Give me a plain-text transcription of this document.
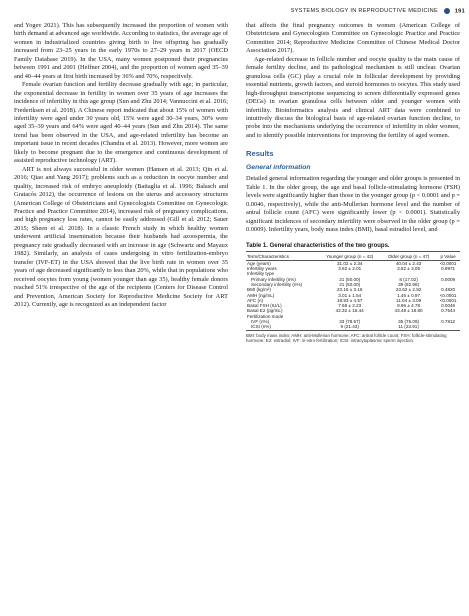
SYSTEMS BIOLOGY IN REPRODUCTIVE MEDICINE	191

and Yogev 2021). This has subsequently increased the proportion of women with birth demand at advanced age worldwide. According to statistics, the average age of women in industrialized countries giving birth to live offspring has gradually increased from 23–25 years in the early 1970s to 27–29 years in 2017 (OECD Family Database 2019). In the USA, many women postponed their pregnancies between 1991 and 2001 (Heffner 2004), and the proportion of women aged 35–39 and 40–44 years at first birth increased by 36% and 70%, respectively.

Female ovarian function and fertility decrease gradually with age; in particular, the exponential decrease in fertility in women over 35 years of age increases the incidence of infertility in this age group (Sun and Zhu 2014; Vannuccini et al. 2016; Frederiksen et al. 2018). A Chinese report indicated that about 15% of women with infertility were aged under 30 years old, 15% were aged 30–34 years, 30% were aged 35–39 years and 64% were aged 40–44 years (Sun and Zhu 2014). The same trend has been observed in the USA, and age-related infertility has become an important issue in recent decades (Chandra et al. 2013). However, more women are likely to become pregnant due to the emergence and continuous development of assisted reproductive technology (ART).

ART is not always successful in older women (Hansen et al. 2013; Qin et al. 2016; Qiao and Yang 2017); problems such as a reduction in oocyte number and quality, increased risk of embryo aneuploidy (Battaglia et al. 1996; Balasch and Gratacós 2012), the occurrence of lesions on the uterus and accessory structures (American College of Obstetricians and Gynecologists Committee on Gynecologic Practice and Practice Committee 2014), increased risk of pregnancy complications, and high pregnancy loss rates, cannot be easily addressed (Gill et al. 2012; Sauer 2015; Sheen et al. 2018). In a classic French study in which healthy women underwent artificial insemination because their husbands had azoospermia, the pregnancy rate gradually decreased with an increase in age (Schwartz and Mayaux 1982). Similarly, an analysis of cases undergoing in vitro fertilization-embryo transfer (IVF-ET) in the USA showed that the live birth rate in women over 35 years of age decreased significantly to less than 20%, while that in populations who received oocytes from young (women younger than age 35), healthy female donors reached 51% irrespective of the age of the recipients (Centers for Disease Control and Prevention, American Society for Reproductive Medicine Society for ART 2012). Currently, age is recognized as an independent factor

that affects the final pregnancy outcomes in women (American College of Obstetricians and Gynecologists Committee on Gynecologic Practice and Practice Committee 2014; Reproductive Medicine Committee of Chinese Medical Doctor Association 2017).

Age-related decrease in follicle number and oocyte quality is the main cause of female fertility decline, and its pathological mechanism is still unclear. Ovarian granulosa cells (GC) play a crucial role in follicular development by providing essential nutrients, growth factors, and steroid hormones to oocytes. This study used high-throughput transcriptome sequencing to screen differentially expressed genes (DEGs) in ovarian granulosa cells between older and younger women with infertility. Bioinformatics analysis and clinical ART data were combined to intuitively discuss the biological basis of age-related ovarian function decline, to probe into the mechanisms underlying the occurrence of infertility in older women, and to identify possible interventions for improving the fertility of aged women.

Results
General information

Detailed general information regarding the younger and older groups is presented in Table 1. In the older group, the age and basal follicle-stimulating hormone (FSH) levels were significantly higher than those in the younger group (p < 0.0001 and p = 0.0046, respectively), while the anti-Mullerian hormone level and the number of antral follicle count (AFC) were significantly lower (p < 0.0001). Statistically significant incidences of secondary infertility were observed in the older group (p = 0.0009). Infertility years, body mass index (BMI), basal estradiol level, and

Table 1. General characteristics of the two groups.
Term/Characteristics	Younger group (n = 42)	Older group (n = 47)	p Value
Age (years)	31.02 ± 2.34	40.04 ± 2.43	<0.0001
Infertility years	3.62 ± 2.01	3.62 ± 3.05	0.9971
Infertility type			
Primary infertility (n%)	21 (50.00)	8 (17.02)	0.0009
Secondary infertility (n%)	21 (50.00)	39 (82.98)	
BMI (kg/m²)	23.16 ± 3.16	23.62 ± 2.92	0.4820
AMH (ng/mL)	3.01 ± 1.54	1.46 ± 0.97	<0.0001
AFC (n)	18.93 ± 4.57	11.04 ± 3.09	<0.0001
Basal FSH (IU/L)	7.68 ± 2.23	9.96 ± 4.78	0.0046
Basal E2 (pg/mL)	42.32 ± 15.44	43.48 ± 18.80	0.7544
Fertilization mode			
IVF (n%)	33 (78.57)	35 (76.09)	0.7812
ICSI (n%)	9 (21.43)	11 (23.91)	
BMI: body mass index; AMH: anti-Mullerian hormone; AFC: antral follicle count; FSH: follicle-stimulating hormone; E2: estradiol; IVF: in-vitro fertilization; ICSI: intracytoplasmic sperm injection.
